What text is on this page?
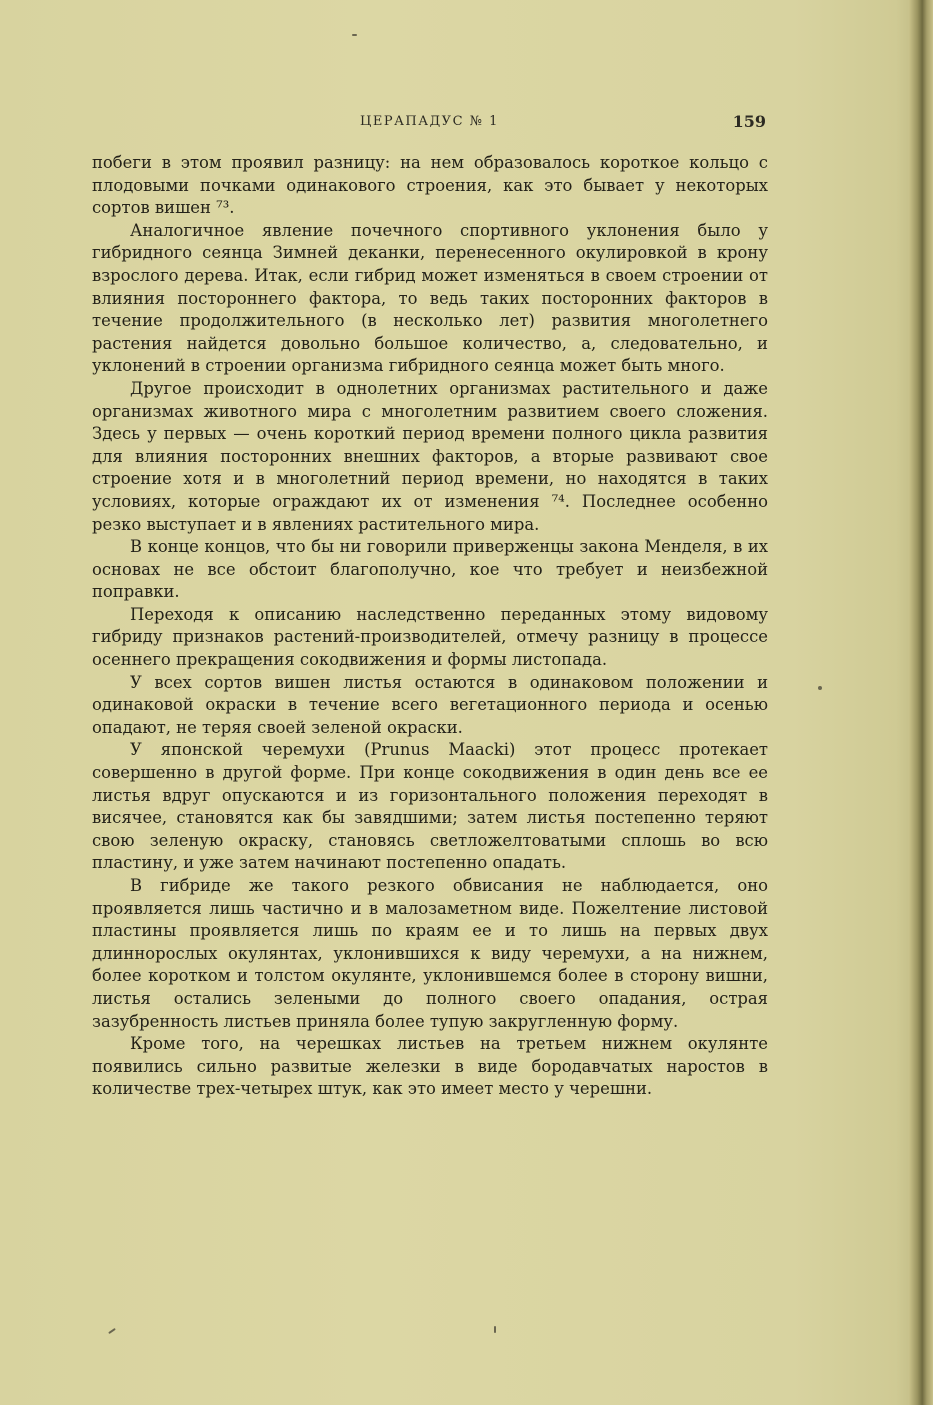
ЦЕРАПАДУС № 1	159

побеги в этом проявил разницу: на нем образовалось короткое кольцо с плодовыми почками одинакового строения, как это бывает у некоторых сортов вишен ⁷³.

Аналогичное явление почечного спортивного уклонения было у гибридного сеянца Зимней деканки, перенесенного окулировкой в крону взрослого дерева. Итак, если гибрид может изменяться в своем строении от влияния постороннего фактора, то ведь таких посторонних факторов в течение продолжительного (в несколько лет) развития многолетнего растения найдется довольно большое количество, а, следовательно, и уклонений в строении организма гибридного сеянца может быть много.

Другое происходит в однолетних организмах растительного и даже организмах животного мира с многолетним развитием своего сложения. Здесь у первых — очень короткий период времени полного цикла развития для влияния посторонних внешних факторов, а вторые развивают свое строение хотя и в многолетний период времени, но находятся в таких условиях, которые ограждают их от изменения ⁷⁴. Последнее особенно резко выступает и в явлениях растительного мира.

В конце концов, что бы ни говорили приверженцы закона Менделя, в их основах не все обстоит благополучно, кое что требует и неизбежной поправки.

Переходя к описанию наследственно переданных этому видовому гибриду признаков растений-производителей, отмечу разницу в процессе осеннего прекращения сокодвижения и формы листопада.

У всех сортов вишен листья остаются в одинаковом положении и одинаковой окраски в течение всего вегетационного периода и осенью опадают, не теряя своей зеленой окраски.

У японской черемухи (Prunus Maacki) этот процесс протекает совершенно в другой форме. При конце сокодвижения в один день все ее листья вдруг опускаются и из горизонтального положения переходят в висячее, становятся как бы завядшими; затем листья постепенно теряют свою зеленую окраску, становясь светложелтоватыми сплошь во всю пластину, и уже затем начинают постепенно опадать.

В гибриде же такого резкого обвисания не наблюдается, оно проявляется лишь частично и в малозаметном виде. Пожелтение листовой пластины проявляется лишь по краям ее и то лишь на первых двух длиннорослых окулянтах, уклонившихся к виду черемухи, а на нижнем, более коротком и толстом окулянте, уклонившемся более в сторону вишни, листья остались зелеными до полного своего опадания, острая зазубренность листьев приняла более тупую закругленную форму.

Кроме того, на черешках листьев на третьем нижнем окулянте появились сильно развитые железки в виде бородавчатых наростов в количестве трех-четырех штук, как это имеет место у черешни.
